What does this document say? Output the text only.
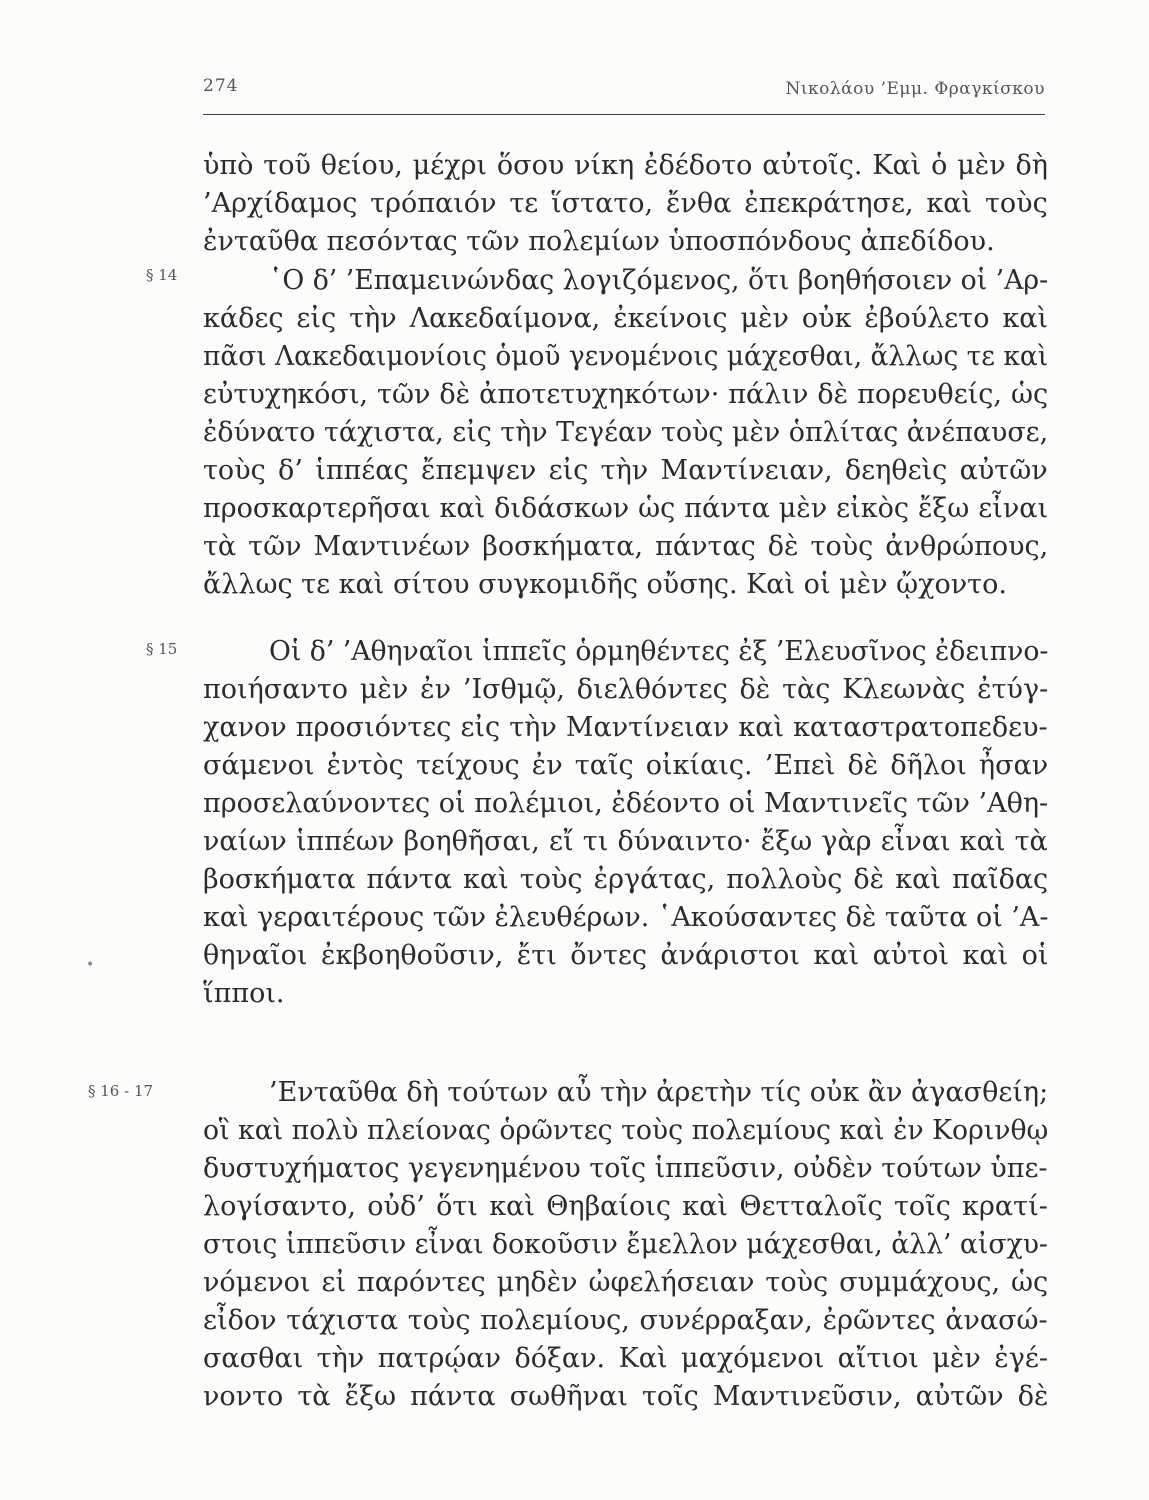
274	Νικολάου ’Εμμ. Φραγκίσκου
§ 14
§ 15
§ 16 - 17
•
ὑπὸ τοῦ θείου, μέχρι ὅσου νίκη ἐδέδοτο αὐτοῖς. Καὶ ὁ μὲν δὴ
’Αρχίδαμος τρόπαιόν τε ἵστατο, ἔνθα ἐπεκράτησε, καὶ τοὺς
ἐνταῦθα πεσόντας τῶν πολεμίων ὑποσπόνδους ἀπεδίδου.
῾Ο δ’ ’Επαμεινώνδας λογιζόμενος, ὅτι βοηθήσοιεν οἱ ’Αρ-
κάδες εἰς τὴν Λακεδαίμονα, ἐκείνοις μὲν οὐκ ἐβούλετο καὶ
πᾶσι Λακεδαιμονίοις ὁμοῦ γενομένοις μάχεσθαι, ἄλλως τε καὶ
εὐτυχηκόσι, τῶν δὲ ἀποτετυχηκότων· πάλιν δὲ πορευθείς, ὡς
ἐδύνατο τάχιστα, εἰς τὴν Τεγέαν τοὺς μὲν ὁπλίτας ἀνέπαυσε,
τοὺς δ’ ἱππέας ἔπεμψεν εἰς τὴν Μαντίνειαν, δεηθεὶς αὐτῶν
προσκαρτερῆσαι καὶ διδάσκων ὡς πάντα μὲν εἰκὸς ἔξω εἶναι
τὰ τῶν Μαντινέων βοσκήματα, πάντας δὲ τοὺς ἀνθρώπους,
ἄλλως τε καὶ σίτου συγκομιδῆς οὔσης. Καὶ οἱ μὲν ᾤχοντο.
Οἱ δ’ ’Αθηναῖοι ἱππεῖς ὁρμηθέντες ἐξ ’Ελευσῖνος ἐδειπνο-
ποιήσαντο μὲν ἐν ’Ισθμῷ, διελθόντες δὲ τὰς Κλεωνὰς ἐτύγ-
χανον προσιόντες εἰς τὴν Μαντίνειαν καὶ καταστρατοπεδευ-
σάμενοι ἐντὸς τείχους ἐν ταῖς οἰκίαις. ’Επεὶ δὲ δῆλοι ἦσαν
προσελαύνοντες οἱ πολέμιοι, ἐδέοντο οἱ Μαντινεῖς τῶν ’Αθη-
ναίων ἱππέων βοηθῆσαι, εἴ τι δύναιντο· ἔξω γὰρ εἶναι καὶ τὰ
βοσκήματα πάντα καὶ τοὺς ἐργάτας, πολλοὺς δὲ καὶ παῖδας
καὶ γεραιτέρους τῶν ἐλευθέρων. ῾Ακούσαντες δὲ ταῦτα οἱ ’Α-
θηναῖοι ἐκβοηθοῦσιν, ἔτι ὄντες ἀνάριστοι καὶ αὐτοὶ καὶ οἱ
ἵπποι.
’Ενταῦθα δὴ τούτων αὖ τὴν ἀρετὴν τίς οὐκ ἂν ἀγασθείη;
οἳ καὶ πολὺ πλείονας ὁρῶντες τοὺς πολεμίους καὶ ἐν Κορινθῳ
δυστυχήματος γεγενημένου τοῖς ἱππεῦσιν, οὐδὲν τούτων ὑπε-
λογίσαντο, οὐδ’ ὅτι καὶ Θηβαίοις καὶ Θετταλοῖς τοῖς κρατί-
στοις ἱππεῦσιν εἶναι δοκοῦσιν ἔμελλον μάχεσθαι, ἀλλ’ αἰσχυ-
νόμενοι εἰ παρόντες μηδὲν ὠφελήσειαν τοὺς συμμάχους, ὡς
εἶδον τάχιστα τοὺς πολεμίους, συνέρραξαν, ἐρῶντες ἀνασώ-
σασθαι τὴν πατρῴαν δόξαν. Καὶ μαχόμενοι αἴτιοι μὲν ἐγέ-
νοντο τὰ ἔξω πάντα σωθῆναι τοῖς Μαντινεῦσιν, αὐτῶν δὲ
